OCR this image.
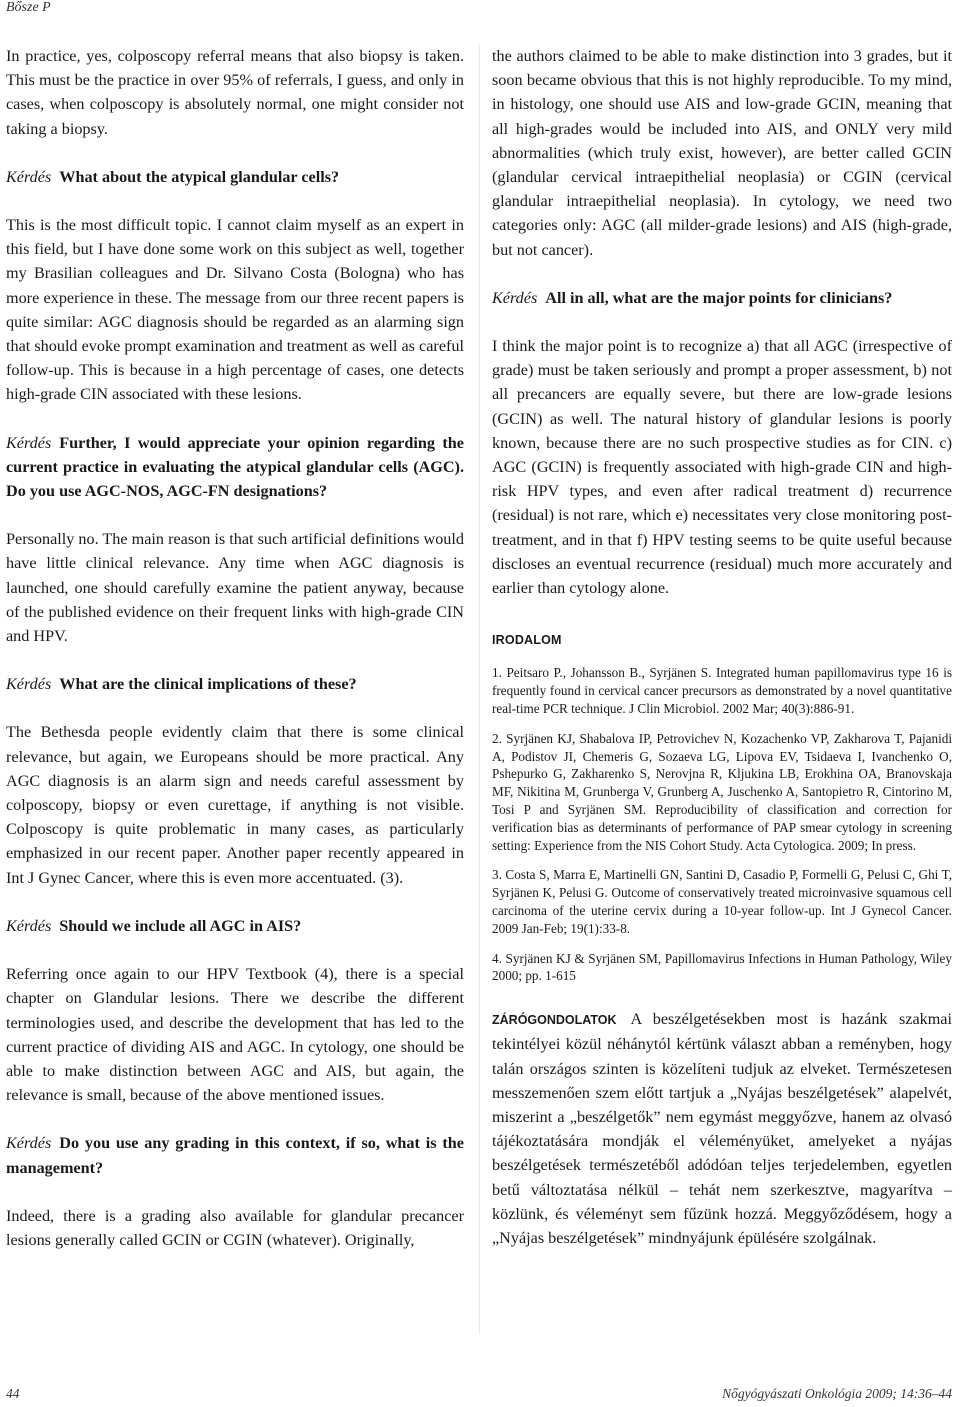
Bőszе P

In practice, yes, colposcopy referral means that also biopsy is taken. This must be the practice in over 95% of referrals, I guess, and only in cases, when colposcopy is absolutely normal, one might consider not taking a biopsy.

Kérdés What about the atypical glandular cells?

This is the most difficult topic. I cannot claim myself as an expert in this field, but I have done some work on this subject as well, together my Brasilian colleagues and Dr. Silvano Costa (Bologna) who has more experience in these. The message from our three recent papers is quite similar: AGC diagnosis should be regarded as an alarming sign that should evoke prompt examination and treatment as well as careful follow-up. This is because in a high percentage of cases, one detects high-grade CIN associated with these lesions.

Kérdés Further, I would appreciate your opinion regarding the current practice in evaluating the atypical glandular cells (AGC). Do you use AGC-NOS, AGC-FN designations?

Personally no. The main reason is that such artificial definitions would have little clinical relevance. Any time when AGC diagnosis is launched, one should carefully examine the patient anyway, because of the published evidence on their frequent links with high-grade CIN and HPV.

Kérdés What are the clinical implications of these?

The Bethesda people evidently claim that there is some clinical relevance, but again, we Europeans should be more practical. Any AGC diagnosis is an alarm sign and needs careful assessment by colposcopy, biopsy or even curettage, if anything is not visible. Colposcopy is quite problematic in many cases, as particularly emphasized in our recent paper. Another paper recently appeared in Int J Gynec Cancer, where this is even more accentuated. (3).

Kérdés Should we include all AGC in AIS?

Referring once again to our HPV Textbook (4), there is a special chapter on Glandular lesions. There we describe the different terminologies used, and describe the development that has led to the current practice of dividing AIS and AGC. In cytology, one should be able to make distinction between AGC and AIS, but again, the relevance is small, because of the above mentioned issues.

Kérdés Do you use any grading in this context, if so, what is the management?

Indeed, there is a grading also available for glandular precancer lesions generally called GCIN or CGIN (whatever). Originally,

the authors claimed to be able to make distinction into 3 grades, but it soon became obvious that this is not highly reproducible. To my mind, in histology, one should use AIS and low-grade GCIN, meaning that all high-grades would be included into AIS, and ONLY very mild abnormalities (which truly exist, however), are better called GCIN (glandular cervical intraepithelial neoplasia) or CGIN (cervical glandular intraepithelial neoplasia). In cytology, we need two categories only: AGC (all milder-grade lesions) and AIS (high-grade, but not cancer).

Kérdés All in all, what are the major points for clinicians?

I think the major point is to recognize a) that all AGC (irrespective of grade) must be taken seriously and prompt a proper assessment, b) not all precancers are equally severe, but there are low-grade lesions (GCIN) as well. The natural history of glandular lesions is poorly known, because there are no such prospective studies as for CIN. c) AGC (GCIN) is frequently associated with high-grade CIN and high-risk HPV types, and even after radical treatment d) recurrence (residual) is not rare, which e) necessitates very close monitoring post-treatment, and in that f) HPV testing seems to be quite useful because discloses an eventual recurrence (residual) much more accurately and earlier than cytology alone.

IRODALOM
1. Peitsaro P., Johansson B., Syrjänen S. Integrated human papillomavirus type 16 is frequently found in cervical cancer precursors as demonstrated by a novel quantitative real-time PCR technique. J Clin Microbiol. 2002 Mar; 40(3):886-91.
2. Syrjänen KJ, Shabalova IP, Petrovichev N, Kozachenko VP, Zakharova T, Pajanidi A, Podistov JI, Chemeris G, Sozaeva LG, Lipova EV, Tsidaeva I, Ivanchenko O, Pshepurko G, Zakharenko S, Nerovjna R, Kljukina LB, Erokhina OA, Branovskaja MF, Nikitina M, Grunberga V, Grunberg A, Juschenko A, Santopietro R, Cintorino M, Tosi P and Syrjänen SM. Reproducibility of classification and correction for verification bias as determinants of performance of PAP smear cytology in screening setting: Experience from the NIS Cohort Study. Acta Cytologica. 2009; In press.
3. Costa S, Marra E, Martinelli GN, Santini D, Casadio P, Formelli G, Pelusi C, Ghi T, Syrjänen K, Pelusi G. Outcome of conservatively treated microinvasive squamous cell carcinoma of the uterine cervix during a 10-year follow-up. Int J Gynecol Cancer. 2009 Jan-Feb; 19(1):33-8.
4. Syrjänen KJ & Syrjänen SM, Papillomavirus Infections in Human Pathology, Wiley 2000; pp. 1-615

ZÁRÓGONDOLATOK A beszélgetésekben most is hazánk szakmai tekintélyei közül néhánytól kértünk választ abban a reményben, hogy talán országos szinten is közelíteni tudjuk az elveket. Természetesen messzemenően szem előtt tartjuk a „Nyájas beszélgetések” alapelvét, miszerint a „beszélgetők” nem egymást meggyőzve, hanem az olvasó tájékoztatására mondják el véleményüket, amelyeket a nyájas beszélgetések természetéből adódóan teljes terjedelemben, egyetlen betű változtatása nélkül – tehát nem szerkesztve, magyarítva – közlünk, és véleményt sem fűzünk hozzá. Meggyőződésem, hogy a „Nyájas beszélgetések” mindnyájunk épülésére szolgálnak.

44	Nőgyógyászati Onkológia 2009; 14:36–44
